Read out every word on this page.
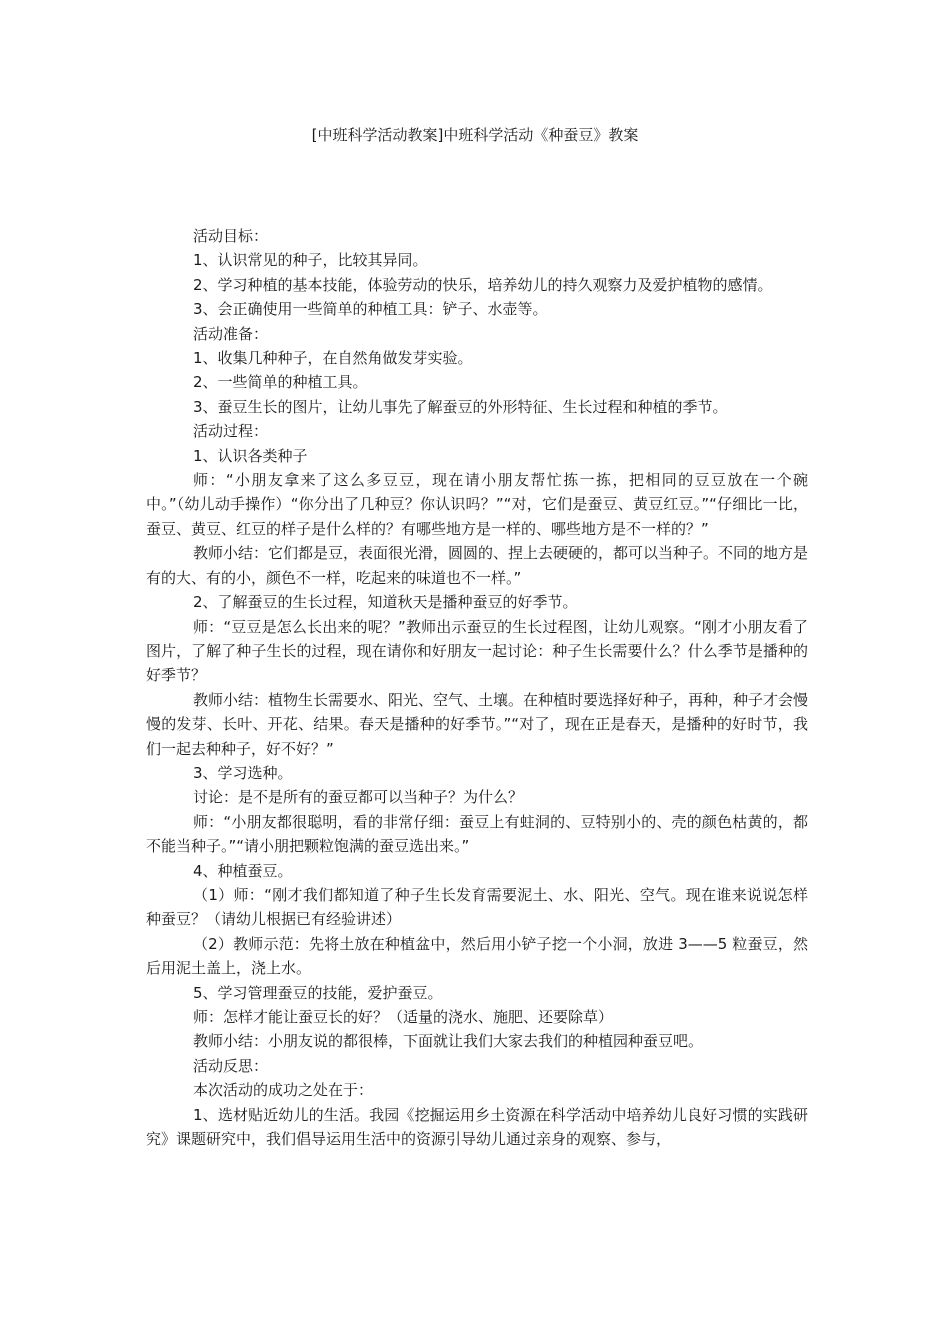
[中班科学活动教案]中班科学活动《种蚕豆》教案

活动目标：

1、认识常见的种子，比较其异同。

2、学习种植的基本技能，体验劳动的快乐，培养幼儿的持久观察力及爱护植物的感情。

3、会正确使用一些简单的种植工具：铲子、水壶等。

活动准备：

1、收集几种种子，在自然角做发芽实验。

2、一些简单的种植工具。

3、蚕豆生长的图片，让幼儿事先了解蚕豆的外形特征、生长过程和种植的季节。

活动过程：

1、认识各类种子

师：“小朋友拿来了这么多豆豆，现在请小朋友帮忙拣一拣，把相同的豆豆放在一个碗中。”（幼儿动手操作）“你分出了几种豆？你认识吗？”“对，它们是蚕豆、黄豆红豆。”“仔细比一比，蚕豆、黄豆、红豆的样子是什么样的？有哪些地方是一样的、哪些地方是不一样的？”

教师小结：它们都是豆，表面很光滑，圆圆的、捏上去硬硬的，都可以当种子。不同的地方是有的大、有的小，颜色不一样，吃起来的味道也不一样。”

2、了解蚕豆的生长过程，知道秋天是播种蚕豆的好季节。

师：“豆豆是怎么长出来的呢？”教师出示蚕豆的生长过程图，让幼儿观察。“刚才小朋友看了图片，了解了种子生长的过程，现在请你和好朋友一起讨论：种子生长需要什么？什么季节是播种的好季节？

教师小结：植物生长需要水、阳光、空气、土壤。在种植时要选择好种子，再种，种子才会慢慢的发芽、长叶、开花、结果。春天是播种的好季节。”“对了，现在正是春天，是播种的好时节，我们一起去种种子，好不好？”

3、学习选种。

讨论：是不是所有的蚕豆都可以当种子？为什么？

师：“小朋友都很聪明，看的非常仔细：蚕豆上有蛀洞的、豆特别小的、壳的颜色枯黄的，都不能当种子。”“请小朋把颗粒饱满的蚕豆选出来。”

4、种植蚕豆。

（1）师：“刚才我们都知道了种子生长发育需要泥土、水、阳光、空气。现在谁来说说怎样种蚕豆？（请幼儿根据已有经验讲述）

（2）教师示范：先将土放在种植盆中，然后用小铲子挖一个小洞，放进 3——5 粒蚕豆，然后用泥土盖上，浇上水。

5、学习管理蚕豆的技能，爱护蚕豆。

师：怎样才能让蚕豆长的好？（适量的浇水、施肥、还要除草）

教师小结：小朋友说的都很棒，下面就让我们大家去我们的种植园种蚕豆吧。

活动反思：

本次活动的成功之处在于：

1、选材贴近幼儿的生活。我园《挖掘运用乡土资源在科学活动中培养幼儿良好习惯的实践研究》课题研究中，我们倡导运用生活中的资源引导幼儿通过亲身的观察、参与，
